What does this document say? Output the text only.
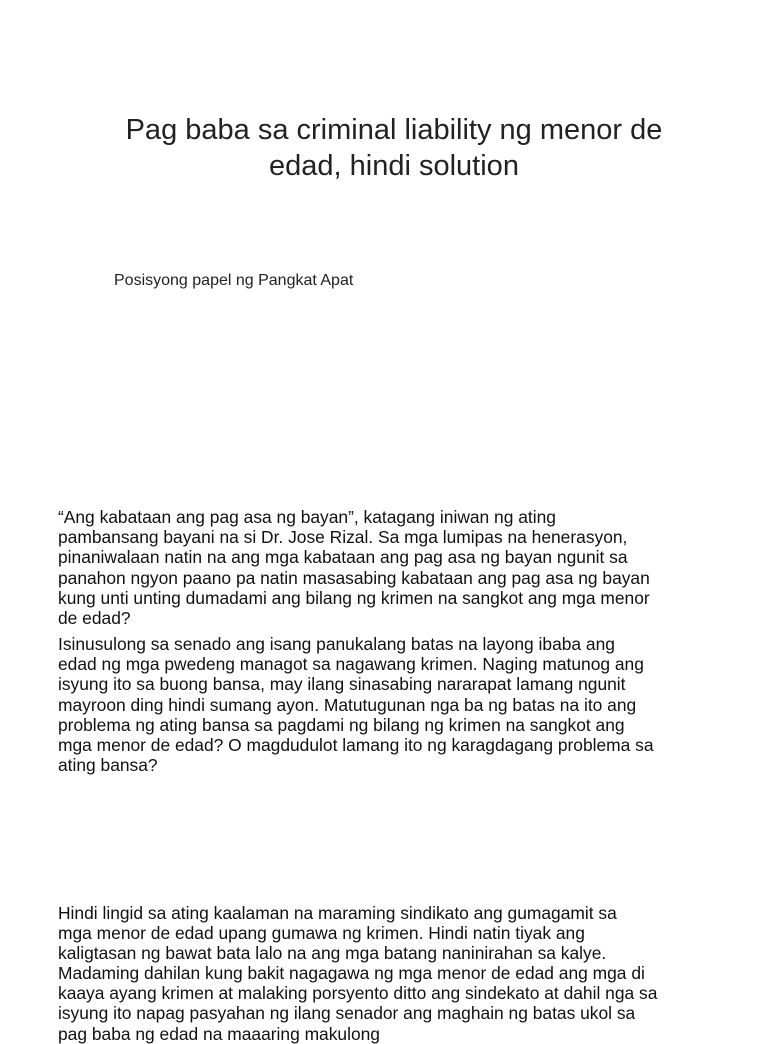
Pag baba sa criminal liability ng menor de
edad, hindi solution
Posisyong papel ng Pangkat Apat
“Ang kabataan ang pag asa ng bayan”, katagang iniwan ng ating
pambansang bayani na si Dr. Jose Rizal. Sa mga lumipas na henerasyon,
pinaniwalaan natin na ang mga kabataan ang pag asa ng bayan ngunit sa
panahon ngyon paano pa natin masasabing kabataan ang pag asa ng bayan
kung unti unting dumadami ang bilang ng krimen na sangkot ang mga menor
de edad?
Isinusulong sa senado ang isang panukalang batas na layong ibaba ang
edad ng mga pwedeng managot sa nagawang krimen. Naging matunog ang
isyung ito sa buong bansa, may ilang sinasabing nararapat lamang ngunit
mayroon ding hindi sumang ayon. Matutugunan nga ba ng batas na ito ang
problema ng ating bansa sa pagdami ng bilang ng krimen na sangkot ang
mga menor de edad? O magdudulot lamang ito ng karagdagang problema sa
ating bansa?
Hindi lingid sa ating kaalaman na maraming sindikato ang gumagamit sa
mga menor de edad upang gumawa ng krimen. Hindi natin tiyak ang
kaligtasan ng bawat bata lalo na ang mga batang naninirahan sa kalye.
Madaming dahilan kung bakit nagagawa ng mga menor de edad ang mga di
kaaya ayang krimen at malaking porsyento ditto ang sindekato at dahil nga sa
isyung ito napag pasyahan ng ilang senador ang maghain ng batas ukol sa
pag baba ng edad na maaaring makulong
